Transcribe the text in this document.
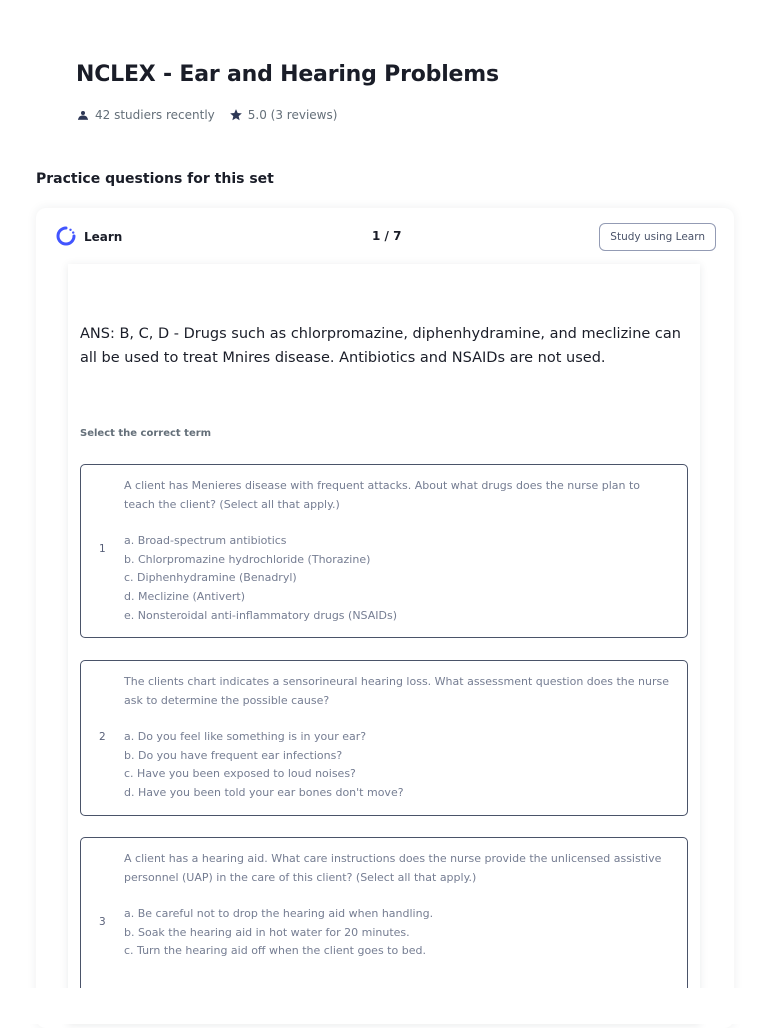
NCLEX - Ear and Hearing Problems
42 studiers recently	5.0 (3 reviews)
Practice questions for this set
Learn	1 / 7	Study using Learn

ANS: B, C, D - Drugs such as chlorpromazine, diphenhydramine, and meclizine can all be used to treat Mnires disease. Antibiotics and NSAIDs are not used.

Select the correct term
1

A client has Menieres disease with frequent attacks. About what drugs does the nurse plan to teach the client? (Select all that apply.)

a. Broad-spectrum antibiotics

b. Chlorpromazine hydrochloride (Thorazine)

c. Diphenhydramine (Benadryl)

d. Meclizine (Antivert)

e. Nonsteroidal anti-inflammatory drugs (NSAIDs)

2

The clients chart indicates a sensorineural hearing loss. What assessment question does the nurse ask to determine the possible cause?

a. Do you feel like something is in your ear?

b. Do you have frequent ear infections?

c. Have you been exposed to loud noises?

d. Have you been told your ear bones don't move?

3

A client has a hearing aid. What care instructions does the nurse provide the unlicensed assistive personnel (UAP) in the care of this client? (Select all that apply.)

a. Be careful not to drop the hearing aid when handling.

b. Soak the hearing aid in hot water for 20 minutes.

c. Turn the hearing aid off when the client goes to bed.
